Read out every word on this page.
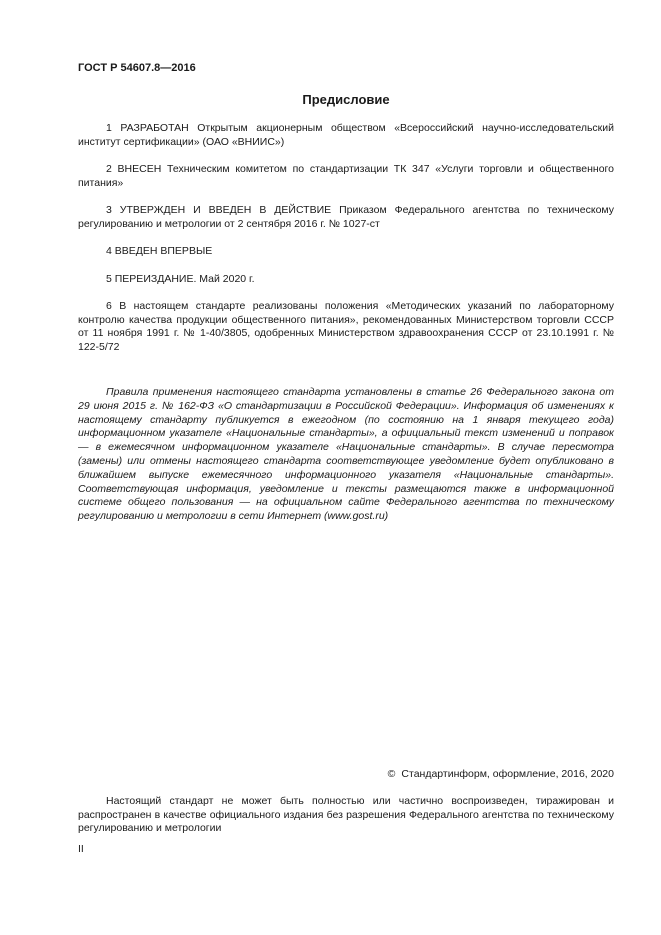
ГОСТ Р 54607.8—2016
Предисловие

1 РАЗРАБОТАН Открытым акционерным обществом «Всероссийский научно-исследовательский институт сертификации» (ОАО «ВНИИС»)

2 ВНЕСЕН Техническим комитетом по стандартизации ТК 347 «Услуги торговли и общественного питания»

3 УТВЕРЖДЕН И ВВЕДЕН В ДЕЙСТВИЕ Приказом Федерального агентства по техническому регулированию и метрологии от 2 сентября 2016 г. № 1027-ст

4 ВВЕДЕН ВПЕРВЫЕ

5 ПЕРЕИЗДАНИЕ. Май 2020 г.

6 В настоящем стандарте реализованы положения «Методических указаний по лабораторному контролю качества продукции общественного питания», рекомендованных Министерством торговли СССР от 11 ноября 1991 г. № 1-40/3805, одобренных Министерством здравоохранения СССР от 23.10.1991 г. № 122-5/72

Правила применения настоящего стандарта установлены в статье 26 Федерального закона от 29 июня 2015 г. № 162-ФЗ «О стандартизации в Российской Федерации». Информация об изменениях к настоящему стандарту публикуется в ежегодном (по состоянию на 1 января текущего года) информационном указателе «Национальные стандарты», а официальный текст изменений и поправок — в ежемесячном информационном указателе «Национальные стандарты». В случае пересмотра (замены) или отмены настоящего стандарта соответствующее уведомление будет опубликовано в ближайшем выпуске ежемесячного информационного указателя «Национальные стандарты». Соответствующая информация, уведомление и тексты размещаются также в информационной системе общего пользования — на официальном сайте Федерального агентства по техническому регулированию и метрологии в сети Интернет (www.gost.ru)
© Стандартинформ, оформление, 2016, 2020
Настоящий стандарт не может быть полностью или частично воспроизведен, тиражирован и распространен в качестве официального издания без разрешения Федерального агентства по техническому регулированию и метрологии
II
